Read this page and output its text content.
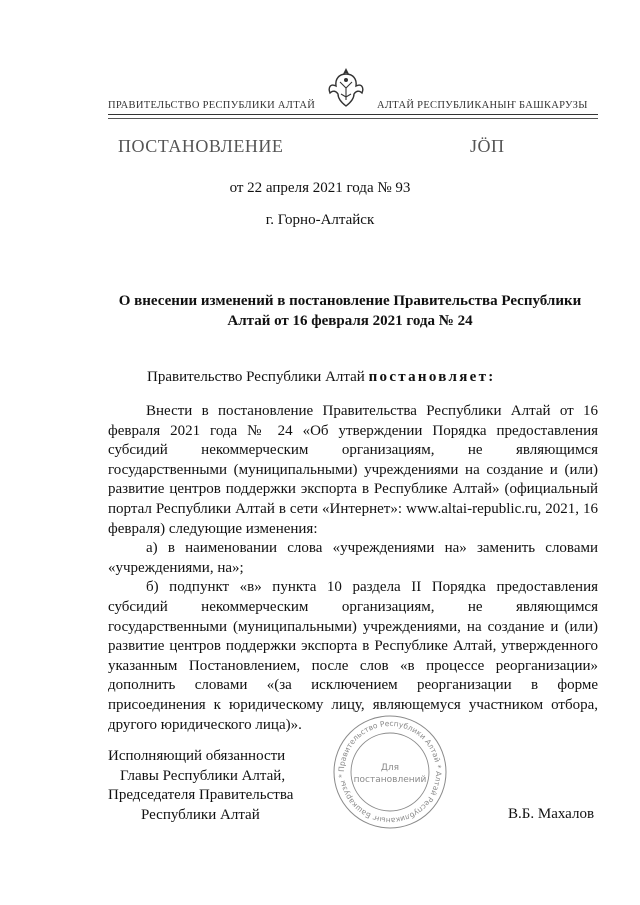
ПРАВИТЕЛЬСТВО РЕСПУБЛИКИ АЛТАЙ	АЛТАЙ РЕСПУБЛИКАНЫҤ БАШКАРУЗЫ
ПОСТАНОВЛЕНИЕ	JӦП
от 22 апреля 2021 года № 93
г. Горно-Алтайск
О внесении изменений в постановление Правительства Республики Алтай от 16 февраля 2021 года № 24
Правительство Республики Алтай постановляет:

Внести в постановление Правительства Республики Алтай от 16 февраля 2021 года № 24 «Об утверждении Порядка предоставления субсидий некоммерческим организациям, не являющимся государственными (муниципальными) учреждениями на создание и (или) развитие центров поддержки экспорта в Республике Алтай» (официальный портал Республики Алтай в сети «Интернет»: www.altai-republic.ru, 2021, 16 февраля) следующие изменения:

а) в наименовании слова «учреждениями на» заменить словами «учреждениями, на»;

б) подпункт «в» пункта 10 раздела II Порядка предоставления субсидий некоммерческим организациям, не являющимся государственными (муниципальными) учреждениями, на создание и (или) развитие центров поддержки экспорта в Республике Алтай, утвержденного указанным Постановлением, после слов «в процессе реорганизации» дополнить словами «(за исключением реорганизации в форме присоединения к юридическому лицу, являющемуся участником отбора, другого юридического лица)».

Исполняющий обязанности
Главы Республики Алтай,
Председателя Правительства
Республики Алтай	В.Б. Махалов
Правительство Республики Алтай * Алтай Республиканыҥ Башкарузы *
Для
постановлений
